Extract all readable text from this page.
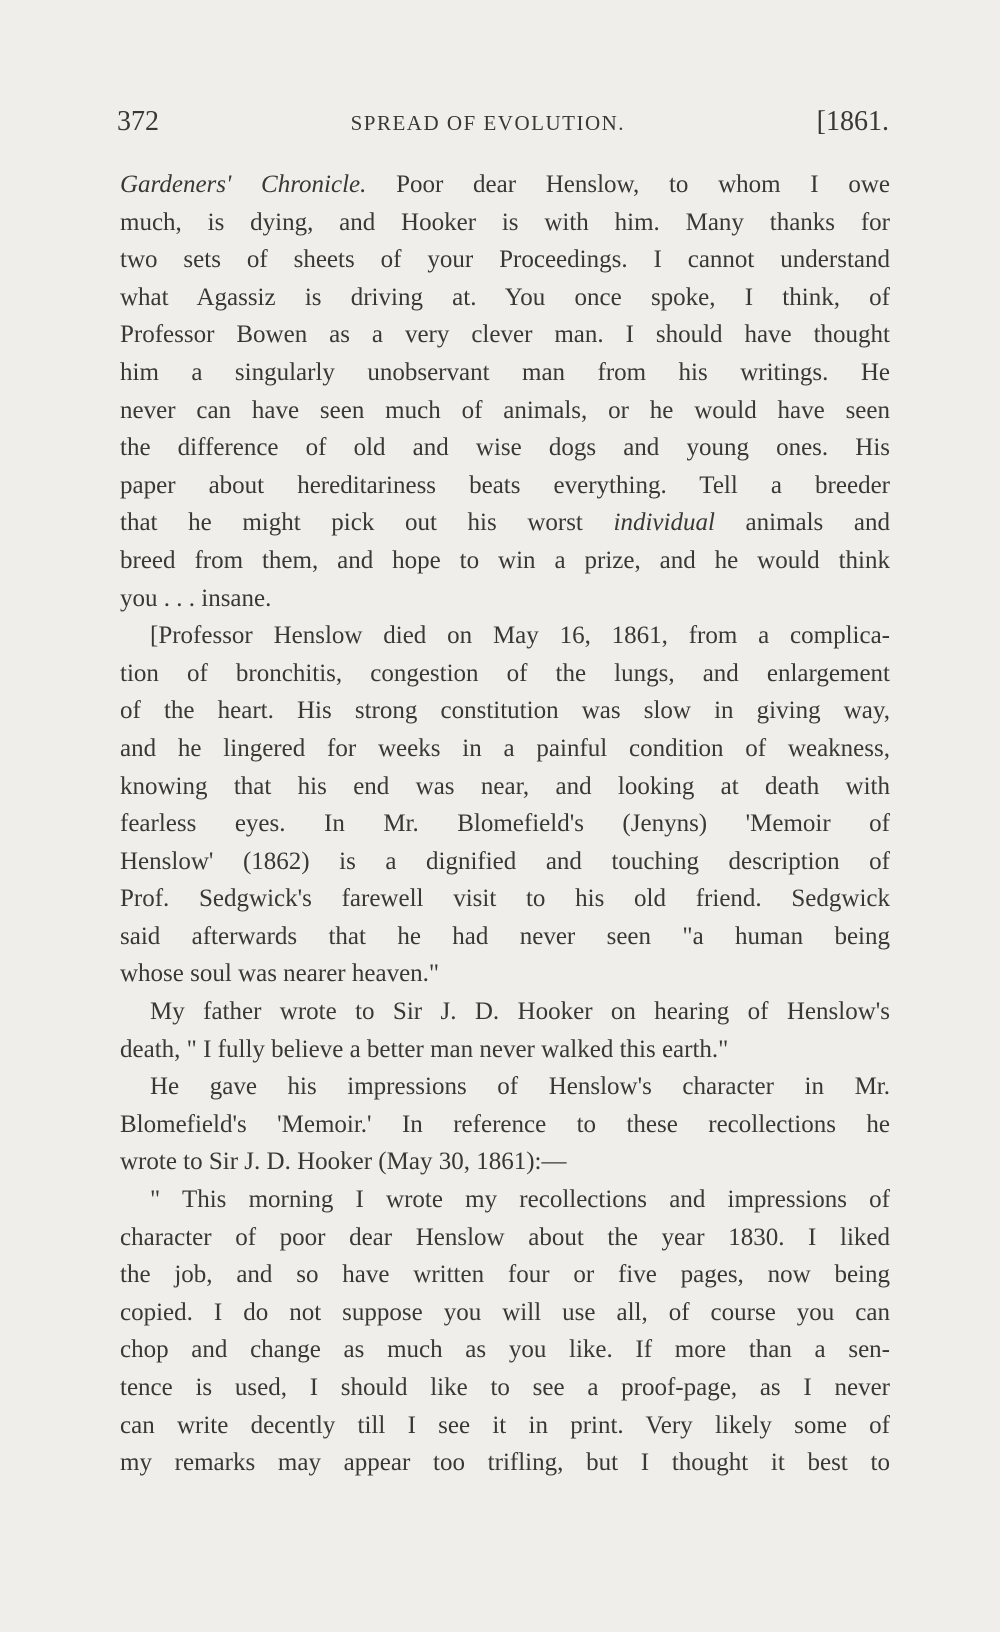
372	SPREAD OF EVOLUTION.	[1861.

Gardeners' Chronicle. Poor dear Henslow, to whom I owe
much, is dying, and Hooker is with him. Many thanks for
two sets of sheets of your Proceedings. I cannot understand
what Agassiz is driving at. You once spoke, I think, of
Professor Bowen as a very clever man. I should have thought
him a singularly unobservant man from his writings. He
never can have seen much of animals, or he would have seen
the difference of old and wise dogs and young ones. His
paper about hereditariness beats everything. Tell a breeder
that he might pick out his worst individual animals and
breed from them, and hope to win a prize, and he would think
you . . . insane.

[Professor Henslow died on May 16, 1861, from a complica-
tion of bronchitis, congestion of the lungs, and enlargement
of the heart. His strong constitution was slow in giving way,
and he lingered for weeks in a painful condition of weakness,
knowing that his end was near, and looking at death with
fearless eyes. In Mr. Blomefield's (Jenyns) 'Memoir of
Henslow' (1862) is a dignified and touching description of
Prof. Sedgwick's farewell visit to his old friend. Sedgwick
said afterwards that he had never seen "a human being
whose soul was nearer heaven."

My father wrote to Sir J. D. Hooker on hearing of Henslow's
death, " I fully believe a better man never walked this earth."

He gave his impressions of Henslow's character in Mr.
Blomefield's 'Memoir.' In reference to these recollections he
wrote to Sir J. D. Hooker (May 30, 1861):—

" This morning I wrote my recollections and impressions of
character of poor dear Henslow about the year 1830. I liked
the job, and so have written four or five pages, now being
copied. I do not suppose you will use all, of course you can
chop and change as much as you like. If more than a sen-
tence is used, I should like to see a proof-page, as I never
can write decently till I see it in print. Very likely some of
my remarks may appear too trifling, but I thought it best to
